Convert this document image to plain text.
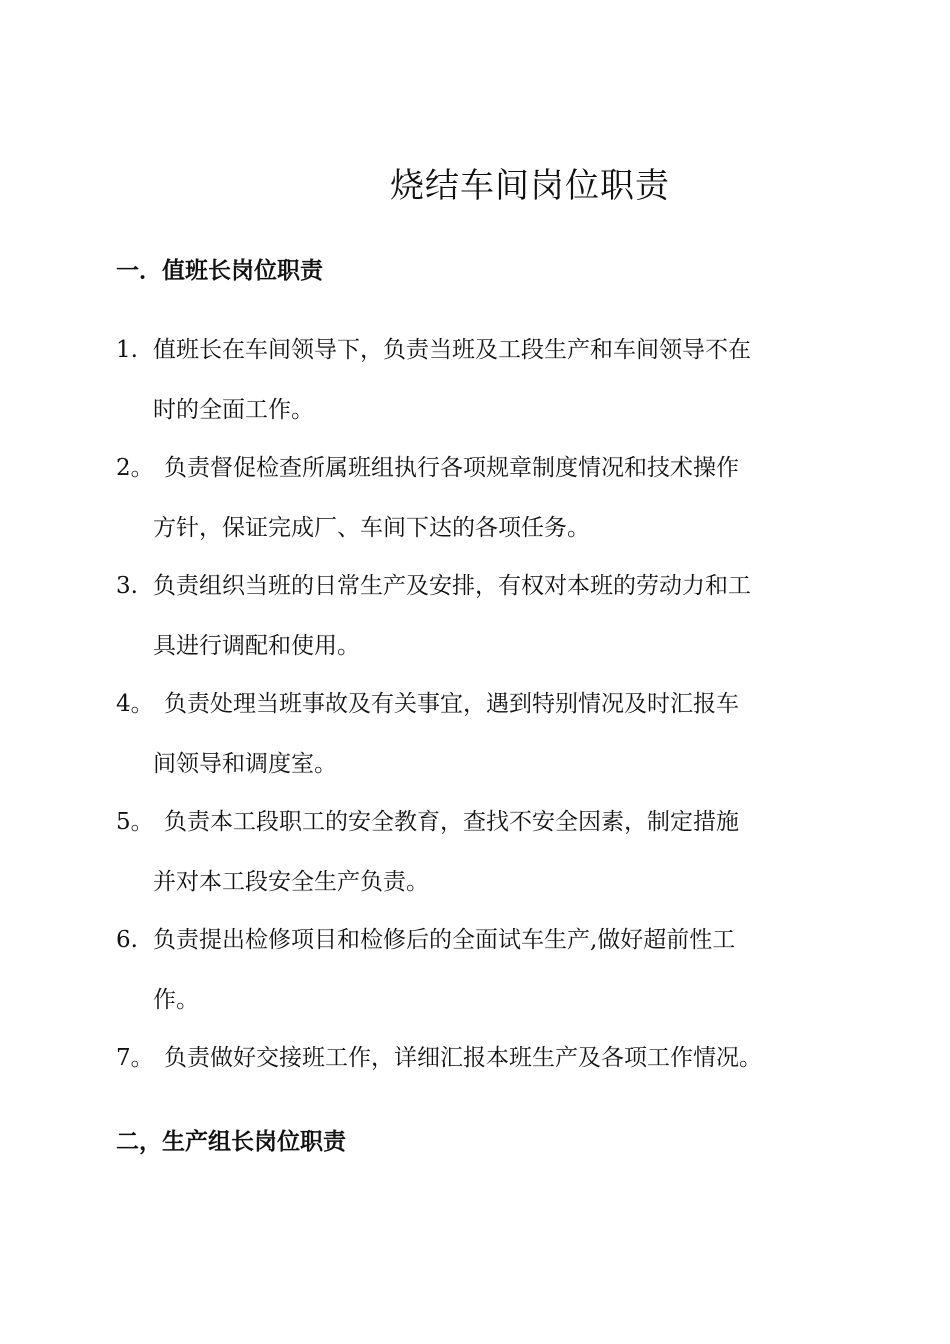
烧结车间岗位职责
一．值班长岗位职责
1. 值班长在车间领导下，负责当班及工段生产和车间领导不在
时的全面工作。
2。 负责督促检查所属班组执行各项规章制度情况和技术操作
方针，保证完成厂、车间下达的各项任务。
3. 负责组织当班的日常生产及安排，有权对本班的劳动力和工
具进行调配和使用。
4。 负责处理当班事故及有关事宜，遇到特别情况及时汇报车
间领导和调度室。
5。 负责本工段职工的安全教育，查找不安全因素，制定措施
并对本工段安全生产负责。
6. 负责提出检修项目和检修后的全面试车生产,做好超前性工
作。
7。 负责做好交接班工作，详细汇报本班生产及各项工作情况。
二，生产组长岗位职责
